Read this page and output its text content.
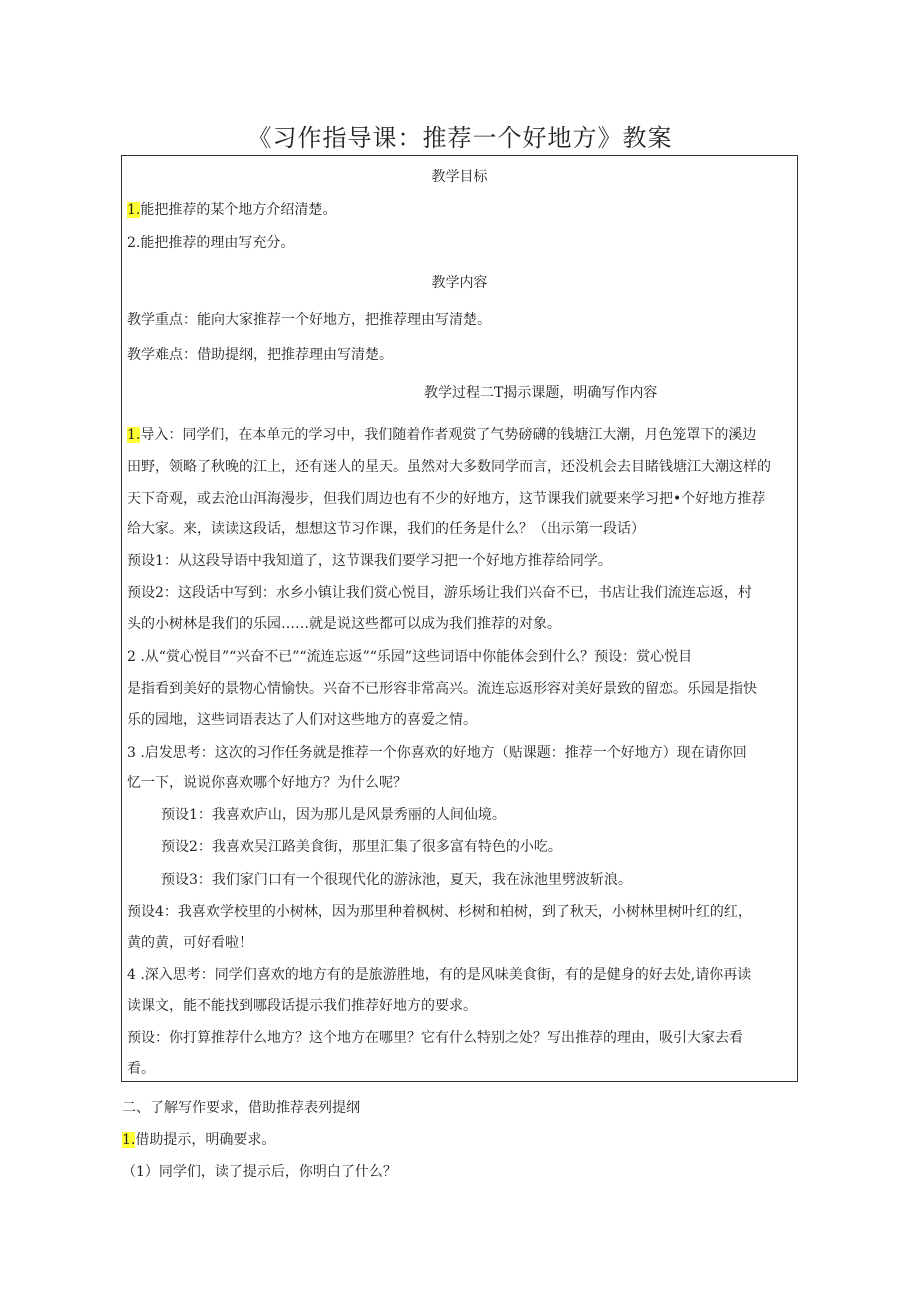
《习作指导课：推荐一个好地方》教案
教学目标
1.能把推荐的某个地方介绍清楚。
2.能把推荐的理由写充分。
教学内容
教学重点：能向大家推荐一个好地方，把推荐理由写清楚。
教学难点：借助提纲，把推荐理由写清楚。
教学过程二T揭示课题，明确写作内容
1.导入：同学们，在本单元的学习中，我们随着作者观赏了气势磅礴的钱塘江大潮，月色笼罩下的溪边
田野，领略了秋晚的江上，还有迷人的星天。虽然对大多数同学而言，还没机会去目睹钱塘江大潮这样的
天下奇观，或去沧山洱海漫步，但我们周边也有不少的好地方，这节课我们就要来学习把•个好地方推荐
给大家。来，读读这段话，想想这节习作课，我们的任务是什么？（出示第一段话）
预设1：从这段导语中我知道了，这节课我们要学习把一个好地方推荐给同学。
预设2：这段话中写到：水乡小镇让我们赏心悦目，游乐场让我们兴奋不已，书店让我们流连忘返，村
头的小树林是我们的乐园……就是说这些都可以成为我们推荐的对象。
2 .从“赏心悦目”“兴奋不已”“流连忘返”“乐园”这些词语中你能体会到什么？预设：赏心悦目
是指看到美好的景物心情愉快。兴奋不已形容非常高兴。流连忘返形容对美好景致的留恋。乐园是指快
乐的园地，这些词语表达了人们对这些地方的喜爱之情。
3 .启发思考：这次的习作任务就是推荐一个你喜欢的好地方（贴课题：推荐一个好地方）现在请你回
忆一下，说说你喜欢哪个好地方？为什么呢？
预设1：我喜欢庐山，因为那儿是风景秀丽的人间仙境。
预设2：我喜欢吴江路美食街，那里汇集了很多富有特色的小吃。
预设3：我们家门口有一个很现代化的游泳池，夏天，我在泳池里劈波斩浪。
预设4：我喜欢学校里的小树林，因为那里种着枫树、杉树和柏树，到了秋天，小树林里树叶红的红，
黄的黄，可好看啦！
4 .深入思考：同学们喜欢的地方有的是旅游胜地，有的是风味美食街，有的是健身的好去处,请你再读
读课文，能不能找到哪段话提示我们推荐好地方的要求。
预设：你打算推荐什么地方？这个地方在哪里？它有什么特别之处？写出推荐的理由，吸引大家去看
看。
二、了解写作要求，借助推荐表列提纲
1.借助提示，明确要求。
（1）同学们，读了提示后，你明白了什么？
